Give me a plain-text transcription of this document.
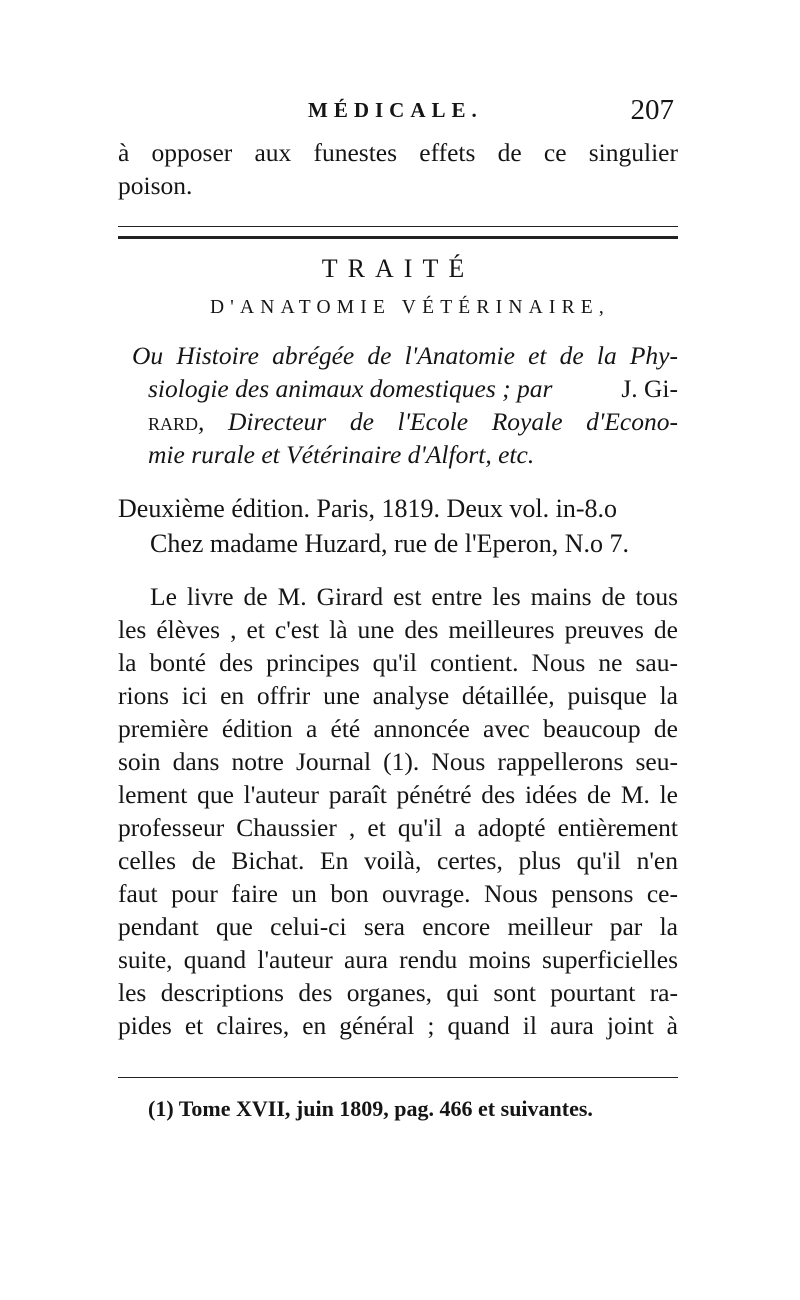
MÉDICALE.	207
à opposer aux funestes effets de ce singulier
poison.
TRAITÉ
D'ANATOMIE VÉTÉRINAIRE,
Ou Histoire abrégée de l'Anatomie et de la Phy-
siologie des animaux domestiques ; par	J. Gi-
rard , Directeur de l'Ecole Royale d'Econo-
mie rurale et Vétérinaire d'Alfort, etc.
Deuxième édition. Paris, 1819. Deux vol. in-8.o
Chez madame Huzard, rue de l'Eperon, N.o 7.
Le livre de M. Girard est entre les mains de tous
les élèves , et c'est là une des meilleures preuves de
la bonté des principes qu'il contient. Nous ne sau-
rions ici en offrir une analyse détaillée, puisque la
première édition a été annoncée avec beaucoup de
soin dans notre Journal (1). Nous rappellerons seu-
lement que l'auteur paraît pénétré des idées de M. le
professeur Chaussier , et qu'il a adopté entièrement
celles de Bichat. En voilà, certes, plus qu'il n'en
faut pour faire un bon ouvrage. Nous pensons ce-
pendant que celui-ci sera encore meilleur par la
suite, quand l'auteur aura rendu moins superficielles
les descriptions des organes, qui sont pourtant ra-
pides et claires, en général ; quand il aura joint à
(1) Tome XVII, juin 1809, pag. 466 et suivantes.
